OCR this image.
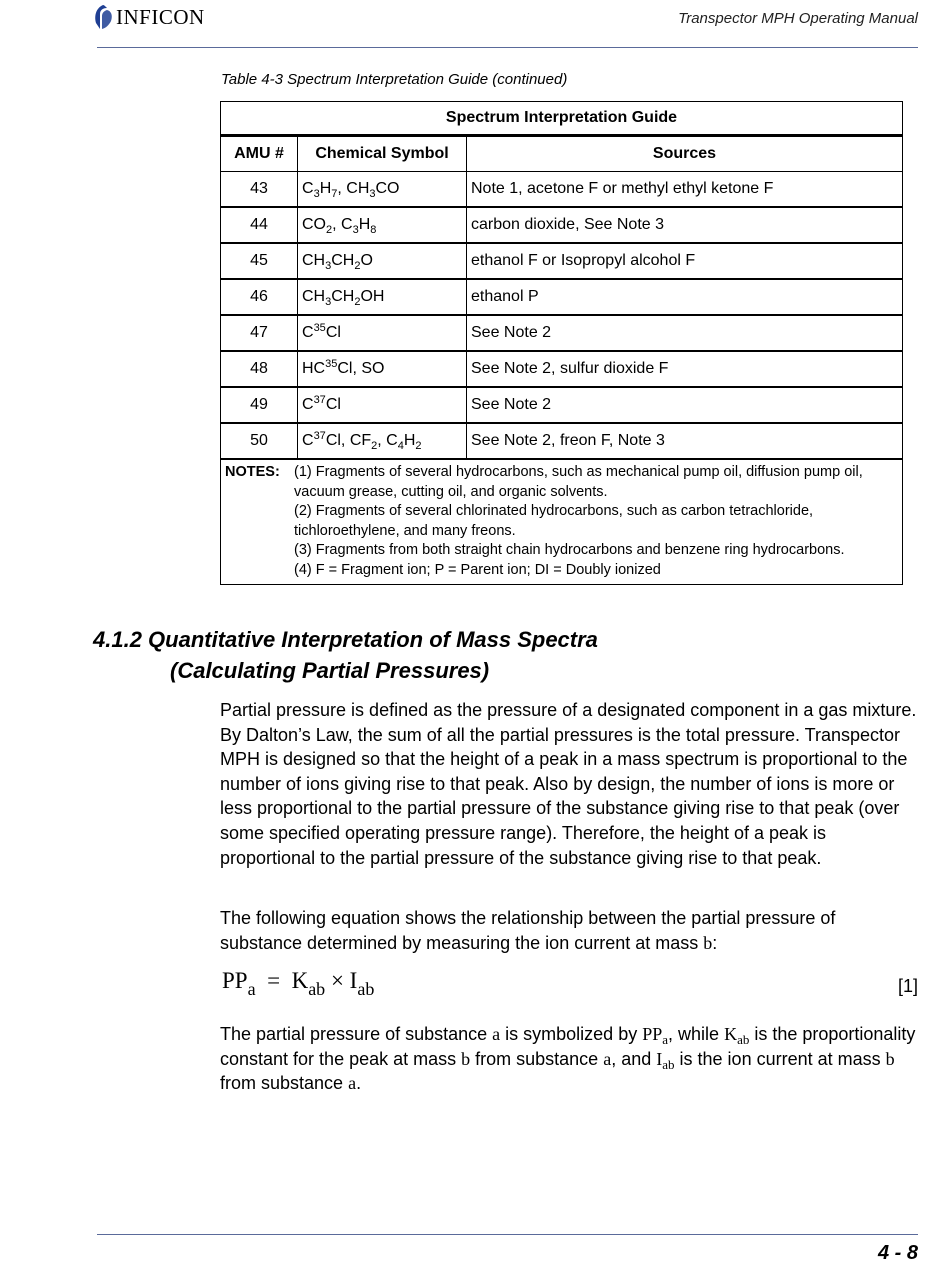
INFICON	Transpector MPH Operating Manual
Table 4-3 Spectrum Interpretation Guide (continued)
Spectrum Interpretation Guide		
AMU #	Chemical Symbol	Sources
43	$C_3H_7$, $CH_3CO$	Note 1, acetone F or methyl ethyl ketone F
44	$CO_2$, $C_3H_8$	carbon dioxide, See Note 3
45	$CH_3CH_2O$	ethanol F or Isopropyl alcohol F
46	$CH_3CH_2OH$	ethanol P
47	$C^{35}Cl$	See Note 2
48	HC$^{35}$Cl, SO	See Note 2, sulfur dioxide F
49	$C^{37}Cl$	See Note 2
50	$C^{37}Cl$, $CF_2$, $C_4H_2$	See Note 2, freon F, Note 3

NOTES: (1) Fragments of several hydrocarbons, such as mechanical pump oil, diffusion pump oil, vacuum grease, cutting oil, and organic solvents.
(2) Fragments of several chlorinated hydrocarbons, such as carbon tetrachloride, tichloroethylene, and many freons.
(3) Fragments from both straight chain hydrocarbons and benzene ring hydrocarbons.
(4) F = Fragment ion; P = Parent ion; DI = Doubly ionized		
4.1.2 Quantitative Interpretation of Mass Spectra
(Calculating Partial Pressures)
Partial pressure is defined as the pressure of a designated component in a gas mixture. By Dalton’s Law, the sum of all the partial pressures is the total pressure. Transpector MPH is designed so that the height of a peak in a mass spectrum is proportional to the number of ions giving rise to that peak. Also by design, the number of ions is more or less proportional to the partial pressure of the substance giving rise to that peak (over some specified operating pressure range). Therefore, the height of a peak is proportional to the partial pressure of the substance giving rise to that peak.
The following equation shows the relationship between the partial pressure of substance determined by measuring the ion current at mass b:
$PP_a = K_{ab} \times I_{ab}$	[1]
The partial pressure of substance a is symbolized by $PP_a$, while $K_{ab}$ is the proportionality constant for the peak at mass b from substance a, and $I_{ab}$ is the ion current at mass b from substance a.
4 - 8
